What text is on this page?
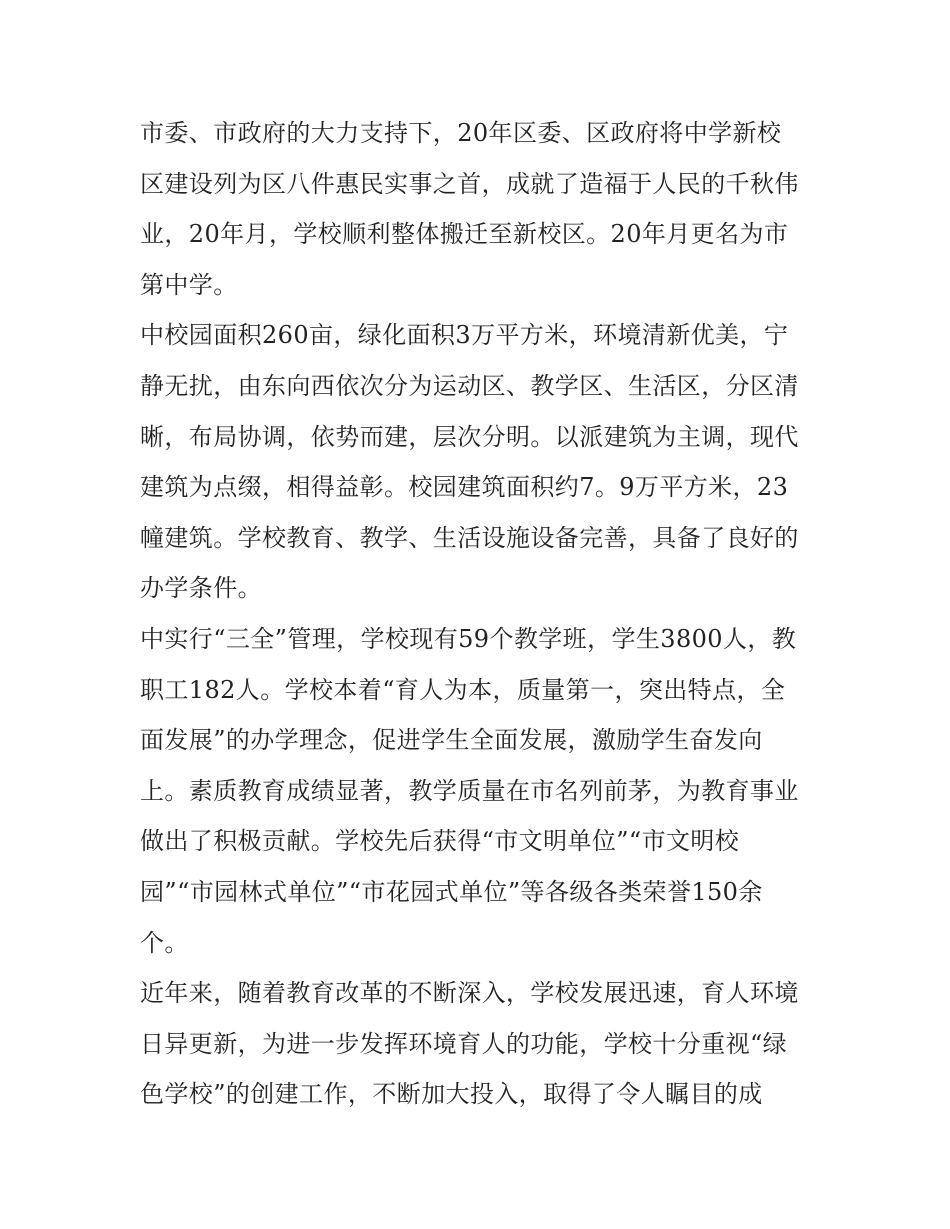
市委、市政府的大力支持下，20年区委、区政府将中学新校
区建设列为区八件惠民实事之首，成就了造福于人民的千秋伟
业，20年月，学校顺利整体搬迁至新校区。20年月更名为市
第中学。
中校园面积260亩，绿化面积3万平方米，环境清新优美，宁
静无扰，由东向西依次分为运动区、教学区、生活区，分区清
晰，布局协调，依势而建，层次分明。以派建筑为主调，现代
建筑为点缀，相得益彰。校园建筑面积约7。9万平方米，23
幢建筑。学校教育、教学、生活设施设备完善，具备了良好的
办学条件。
中实行“三全”管理，学校现有59个教学班，学生3800人，教
职工182人。学校本着“育人为本，质量第一，突出特点，全
面发展”的办学理念，促进学生全面发展，激励学生奋发向
上。素质教育成绩显著，教学质量在市名列前茅，为教育事业
做出了积极贡献。学校先后获得“市文明单位”“市文明校
园”“市园林式单位”“市花园式单位”等各级各类荣誉150余
个。
近年来，随着教育改革的不断深入，学校发展迅速，育人环境
日异更新，为进一步发挥环境育人的功能，学校十分重视“绿
色学校”的创建工作，不断加大投入，取得了令人瞩目的成
